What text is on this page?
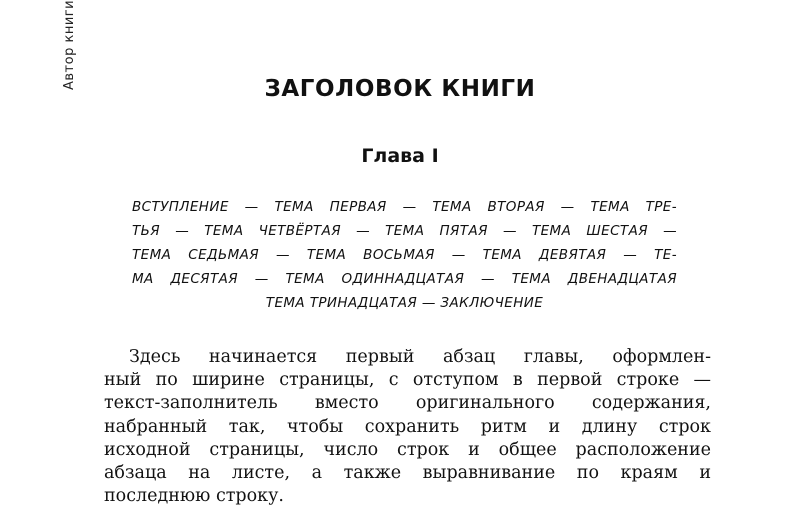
Автор книги	ЗАГОЛОВОК КНИГИ
Глава I
ВСТУПЛЕНИЕ — ТЕМА ПЕРВАЯ — ТЕМА ВТОРАЯ — ТЕМА ТРЕ-
ТЬЯ — ТЕМА ЧЕТВЁРТАЯ — ТЕМА ПЯТАЯ — ТЕМА ШЕСТАЯ —
ТЕМА СЕДЬМАЯ — ТЕМА ВОСЬМАЯ — ТЕМА ДЕВЯТАЯ — ТЕ-
МА ДЕСЯТАЯ — ТЕМА ОДИННАДЦАТАЯ — ТЕМА ДВЕНАДЦАТАЯ
ТЕМА ТРИНАДЦАТАЯ — ЗАКЛЮЧЕНИЕ
Здесь начинается первый абзац главы, оформлен-
ный по ширине страницы, с отступом в первой строке —
текст-заполнитель вместо оригинального содержания,
набранный так, чтобы сохранить ритм и длину строк
исходной страницы, число строк и общее расположение
абзаца на листе, а также выравнивание по краям и
последнюю строку.
